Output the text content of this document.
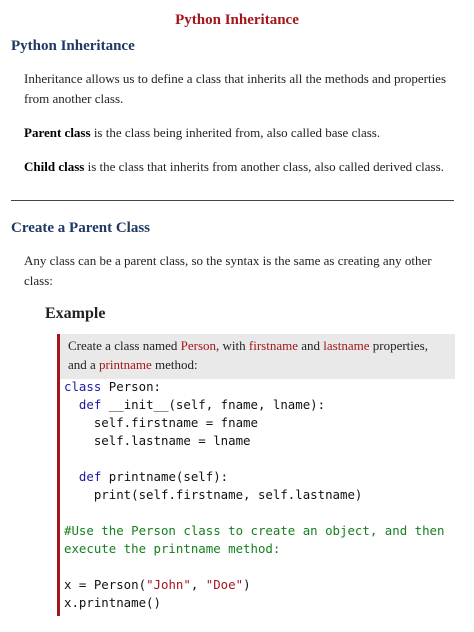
Python Inheritance
Python Inheritance

Inheritance allows us to define a class that inherits all the methods and properties from another class.

Parent class is the class being inherited from, also called base class.

Child class is the class that inherits from another class, also called derived class.

Create a Parent Class

Any class can be a parent class, so the syntax is the same as creating any other class:

Example
Create a class named Person, with firstname and lastname properties, and a printname method:
class Person:
def __init__(self, fname, lname):
self.firstname = fname
self.lastname = lname

def printname(self):
print(self.firstname, self.lastname)

#Use the Person class to create an object, and then
execute the printname method:

x = Person("John", "Doe")
x.printname()
